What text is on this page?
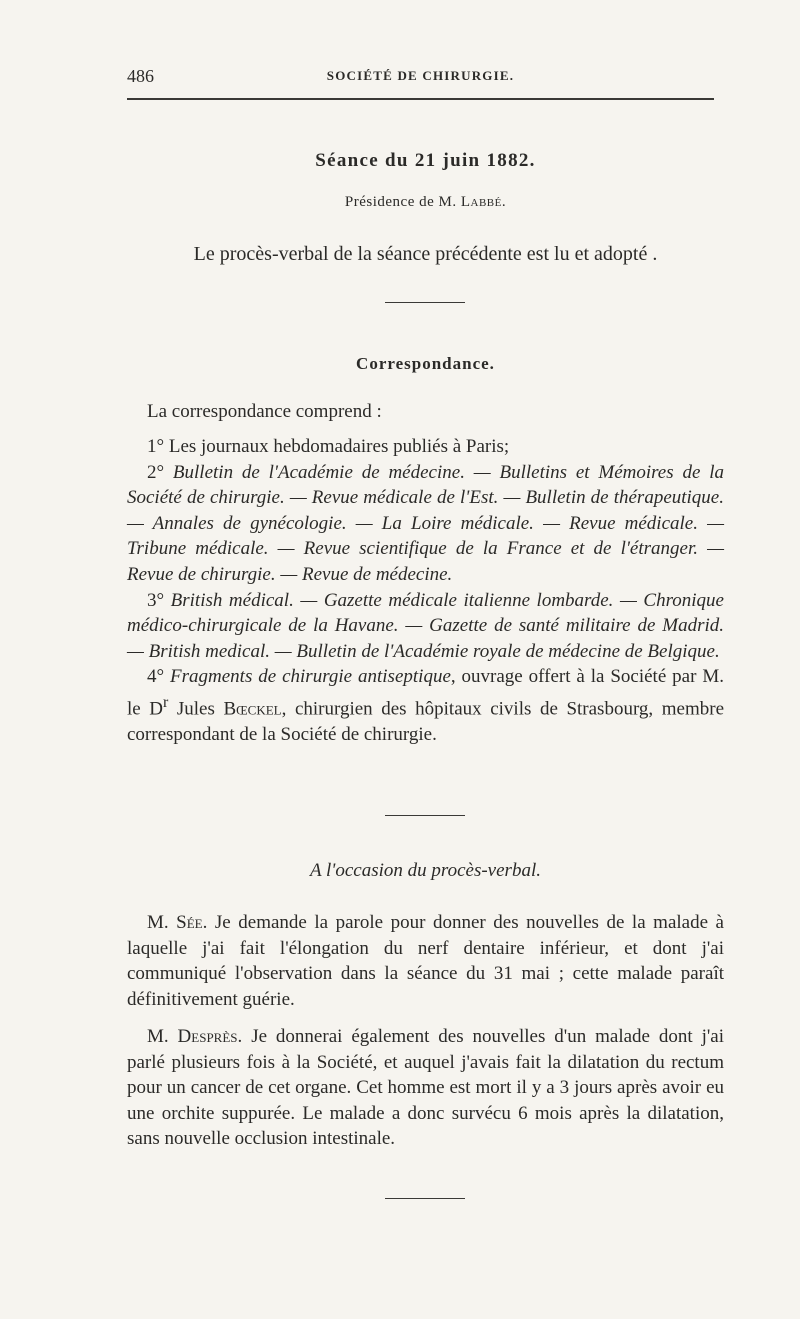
486	SOCIÉTÉ DE CHIRURGIE.
Séance du 21 juin 1882.
Présidence de M. Labbé.
Le procès-verbal de la séance précédente est lu et adopté .
Correspondance.
La correspondance comprend :

1° Les journaux hebdomadaires publiés à Paris;

2° Bulletin de l'Académie de médecine. — Bulletins et Mémoires de la Société de chirurgie. — Revue médicale de l'Est. — Bulletin de thérapeutique. — Annales de gynécologie. — La Loire médicale. — Revue médicale. — Tribune médicale. — Revue scientifique de la France et de l'étranger. — Revue de chirurgie. — Revue de médecine.

3° British médical. — Gazette médicale italienne lombarde. — Chronique médico-chirurgicale de la Havane. — Gazette de santé militaire de Madrid. — British medical. — Bulletin de l'Académie royale de médecine de Belgique.

4° Fragments de chirurgie antiseptique, ouvrage offert à la Société par M. le $D^r$ Jules Bœckel, chirurgien des hôpitaux civils de Strasbourg, membre correspondant de la Société de chirurgie.

A l'occasion du procès-verbal.

M. Sée. Je demande la parole pour donner des nouvelles de la malade à laquelle j'ai fait l'élongation du nerf dentaire inférieur, et dont j'ai communiqué l'observation dans la séance du 31 mai ; cette malade paraît définitivement guérie.

M. Desprès. Je donnerai également des nouvelles d'un malade dont j'ai parlé plusieurs fois à la Société, et auquel j'avais fait la dilatation du rectum pour un cancer de cet organe. Cet homme est mort il y a 3 jours après avoir eu une orchite suppurée. Le malade a donc survécu 6 mois après la dilatation, sans nouvelle occlusion intestinale.
